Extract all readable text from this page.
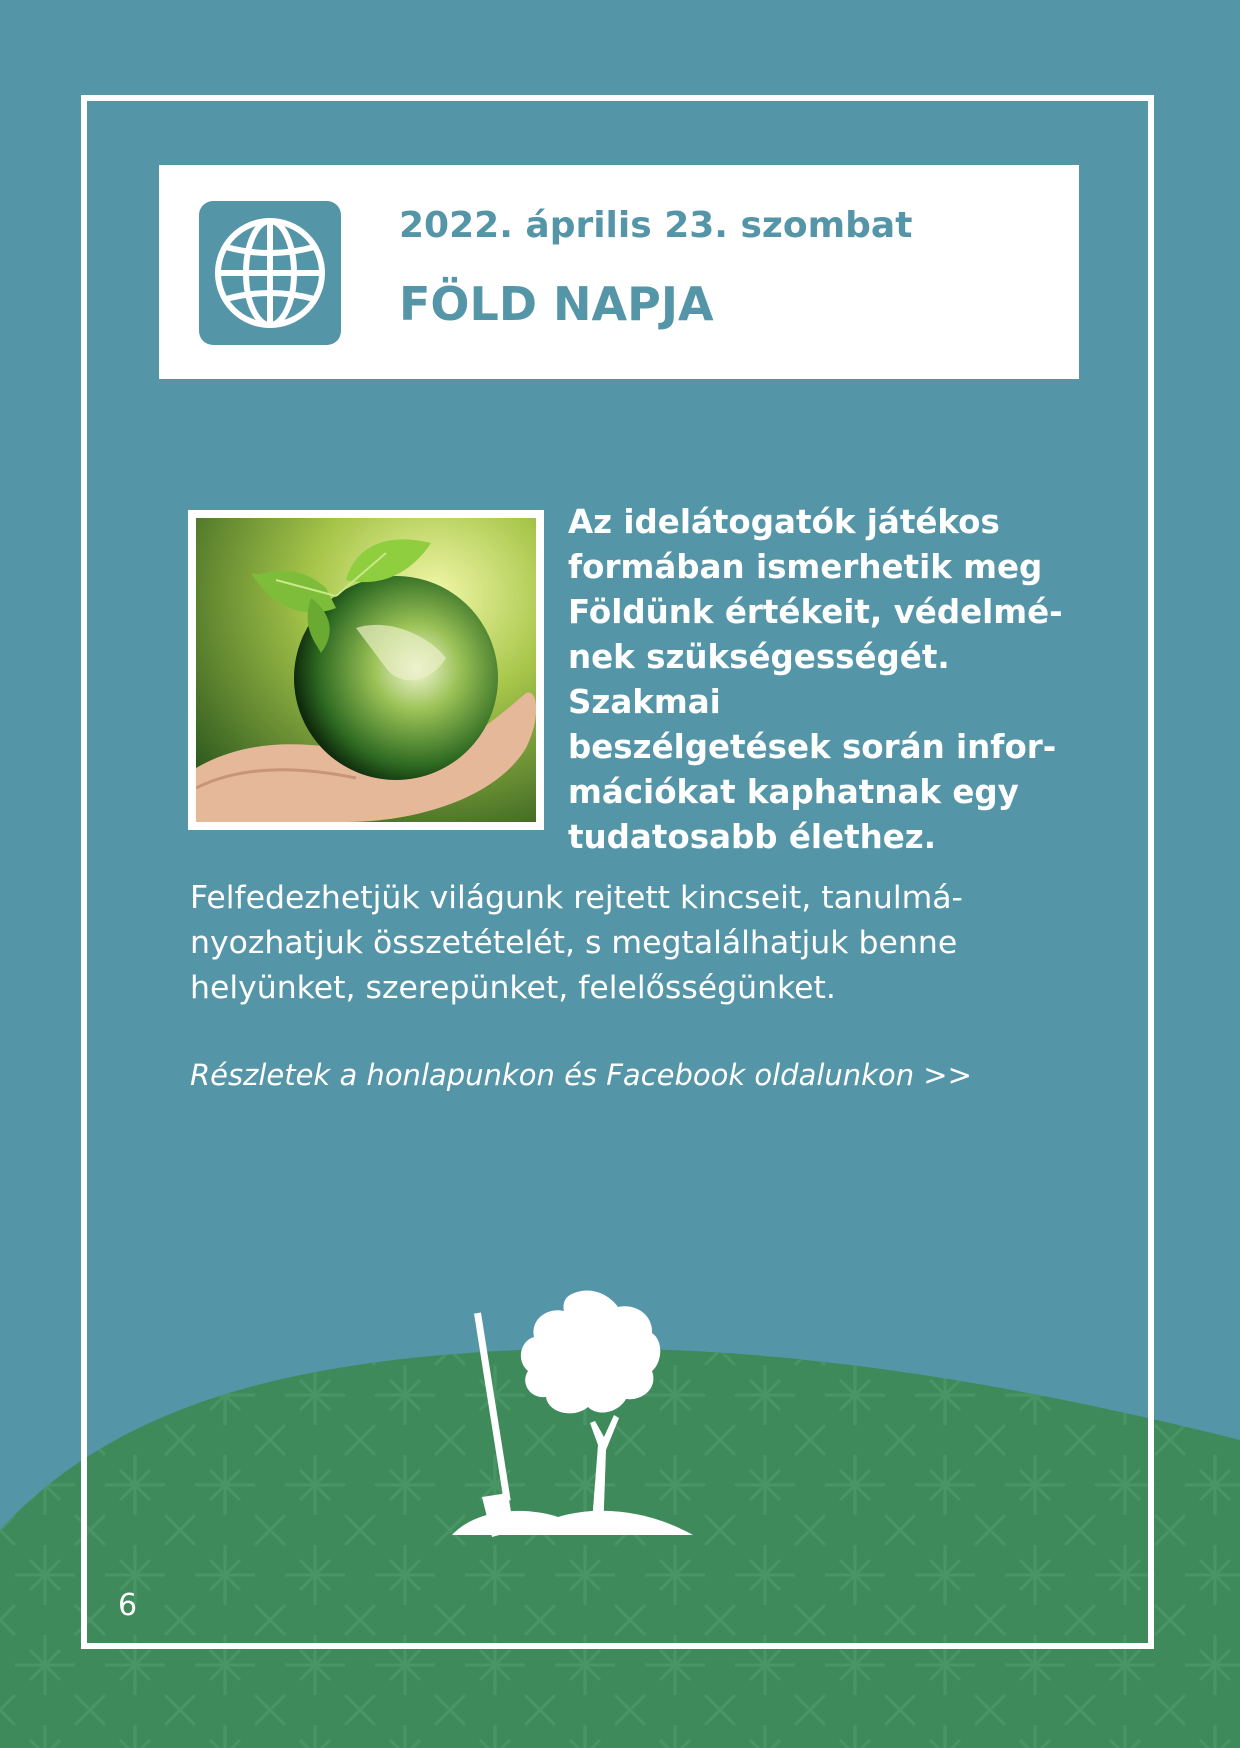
2022. április 23. szombat
FÖLD NAPJA

Az idelátogatók játékos
formában ismerhetik meg
Földünk értékeit, védelmé-
nek szükségességét. Szakmai
beszélgetések során infor-
mációkat kaphatnak egy
tudatosabb élethez.

Felfedezhetjük világunk rejtett kincseit, tanulmá-
nyozhatjuk összetételét, s megtalálhatjuk benne
helyünket, szerepünket, felelősségünket.

Részletek a honlapunkon és Facebook oldalunkon >>
6
